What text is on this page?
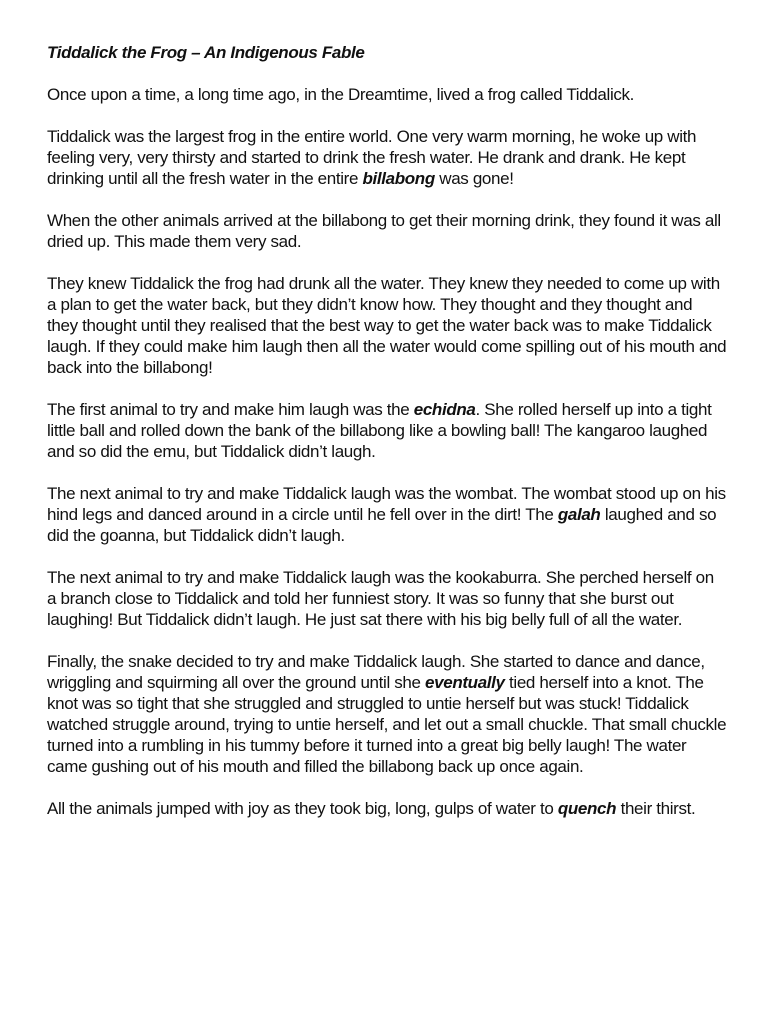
Tiddalick the Frog – An Indigenous Fable

Once upon a time, a long time ago, in the Dreamtime, lived a frog called Tiddalick.

Tiddalick was the largest frog in the entire world. One very warm morning, he woke up with feeling very, very thirsty and started to drink the fresh water. He drank and drank. He kept drinking until all the fresh water in the entire billabong was gone!

When the other animals arrived at the billabong to get their morning drink, they found it was all dried up. This made them very sad.

They knew Tiddalick the frog had drunk all the water. They knew they needed to come up with a plan to get the water back, but they didn’t know how. They thought and they thought and they thought until they realised that the best way to get the water back was to make Tiddalick laugh. If they could make him laugh then all the water would come spilling out of his mouth and back into the billabong!

The first animal to try and make him laugh was the echidna. She rolled herself up into a tight little ball and rolled down the bank of the billabong like a bowling ball! The kangaroo laughed and so did the emu, but Tiddalick didn’t laugh.

The next animal to try and make Tiddalick laugh was the wombat. The wombat stood up on his hind legs and danced around in a circle until he fell over in the dirt! The galah laughed and so did the goanna, but Tiddalick didn’t laugh.

The next animal to try and make Tiddalick laugh was the kookaburra. She perched herself on a branch close to Tiddalick and told her funniest story. It was so funny that she burst out laughing! But Tiddalick didn’t laugh. He just sat there with his big belly full of all the water.

Finally, the snake decided to try and make Tiddalick laugh. She started to dance and dance, wriggling and squirming all over the ground until she eventually tied herself into a knot. The knot was so tight that she struggled and struggled to untie herself but was stuck! Tiddalick watched struggle around, trying to untie herself, and let out a small chuckle. That small chuckle turned into a rumbling in his tummy before it turned into a great big belly laugh! The water came gushing out of his mouth and filled the billabong back up once again.

All the animals jumped with joy as they took big, long, gulps of water to quench their thirst.
